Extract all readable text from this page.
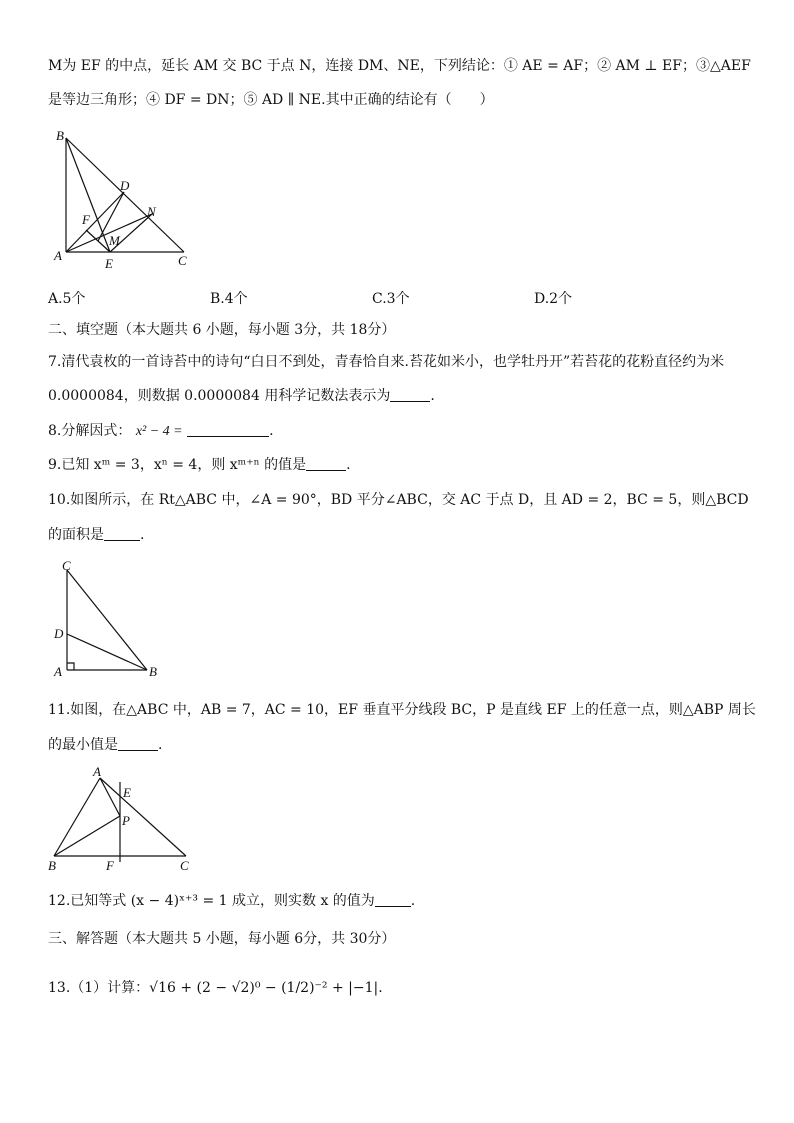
M为 EF 的中点，延长 AM 交 BC 于点 N，连接 DM、NE，下列结论：① AE = AF；② AM ⊥ EF；③△AEF
是等边三角形；④ DF = DN；⑤ AD ∥ NE.其中正确的结论有（　　）
B
D
F
N
M
A
E	C
A.5个	B.4个	C.3个	D.2个
二、填空题（本大题共 6 小题，每小题 3分，共 18分）
7.清代袁枚的一首诗苔中的诗句“白日不到处，青春恰自来.苔花如米小，也学牡丹开”若苔花的花粉直径约为米
0.0000084，则数据 0.0000084 用科学记数法表示为	.
8.分解因式： x² − 4 =	.
9.已知 xᵐ = 3，xⁿ = 4，则 xᵐ⁺ⁿ 的值是	.
10.如图所示，在 Rt△ABC 中，∠A = 90°，BD 平分∠ABC，交 AC 于点 D，且 AD = 2，BC = 5，则△BCD
的面积是	.
C
D
A	B
11.如图，在△ABC 中，AB = 7，AC = 10，EF 垂直平分线段 BC，P 是直线 EF 上的任意一点，则△ABP 周长
的最小值是	.
A
E
P
B	F	C
12.已知等式 (x − 4)ˣ⁺³ = 1 成立，则实数 x 的值为	.
三、解答题（本大题共 5 小题，每小题 6分，共 30分）
13.（1）计算：√16 + (2 − √2)⁰ − (1/2)⁻² + |−1|.
